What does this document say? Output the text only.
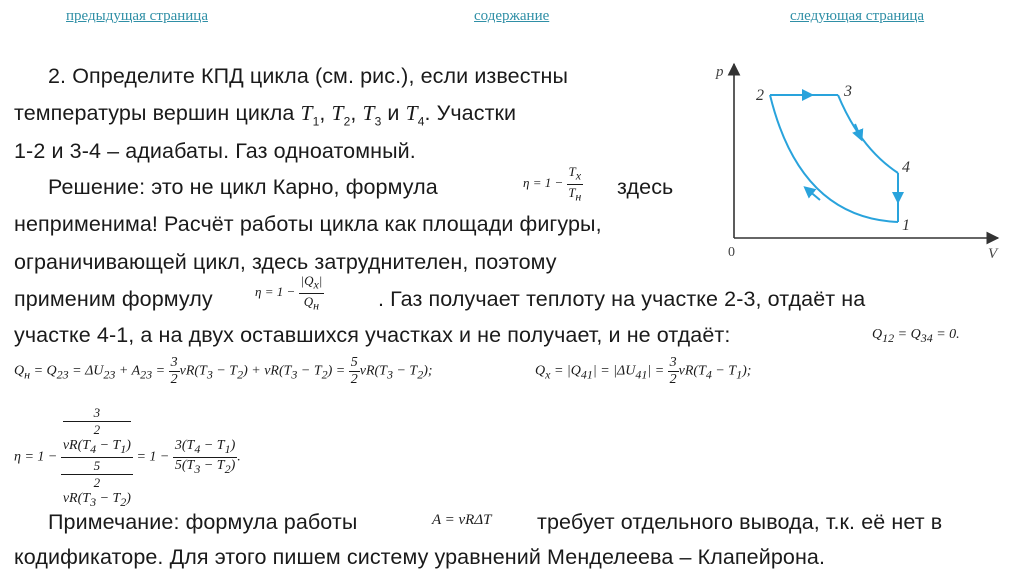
предыдущая страница	содержание	следующая страница
2. Определите КПД цикла (см. рис.), если известны
температуры вершин цикла $T_1$, $T_2$, $T_3$ и $T_4$. Участки
1-2 и 3-4 – адиабаты. Газ одноатомный.
Решение: это не цикл Карно, формула	$\eta = 1 - \frac{T_х}{T_н}$ здесь
неприменима! Расчёт работы цикла как площади фигуры,
ограничивающей цикл, здесь затруднителен, поэтому
применим формулу	$\eta = 1 - \frac{|Q_х|}{Q_н}$ . Газ получает теплоту на участке 2-3, отдаёт на
участке 4-1, а на двух оставшихся участках и не получает, и не отдаёт:	$Q_{12} = Q_{34} = 0$.
$Q_н = Q_{23} = \Delta U_{23} + A_{23} = \frac{3}{2} \nu R(T_3 - T_2) + \nu R(T_3 - T_2) = \frac{5}{2} \nu R(T_3 - T_2)$;	$Q_х = |Q_{41}| = |\Delta U_{41}| = \frac{3}{2} \nu R(T_4 - T_1)$;
η = 1 − 3
2
$\nu R(T_4 - T_1)$
5
2
$\nu R(T_3 - T_2) = 1 - \frac{3(T_4 - T_1)}{5(T_3 - T_2)}$ .
Примечание: формула работы	A = νRΔT требует отдельного вывода, т.к. её нет в
кодификаторе. Для этого пишем систему уравнений Менделеева – Клапейрона.
p
V
0
2	3
4
1
